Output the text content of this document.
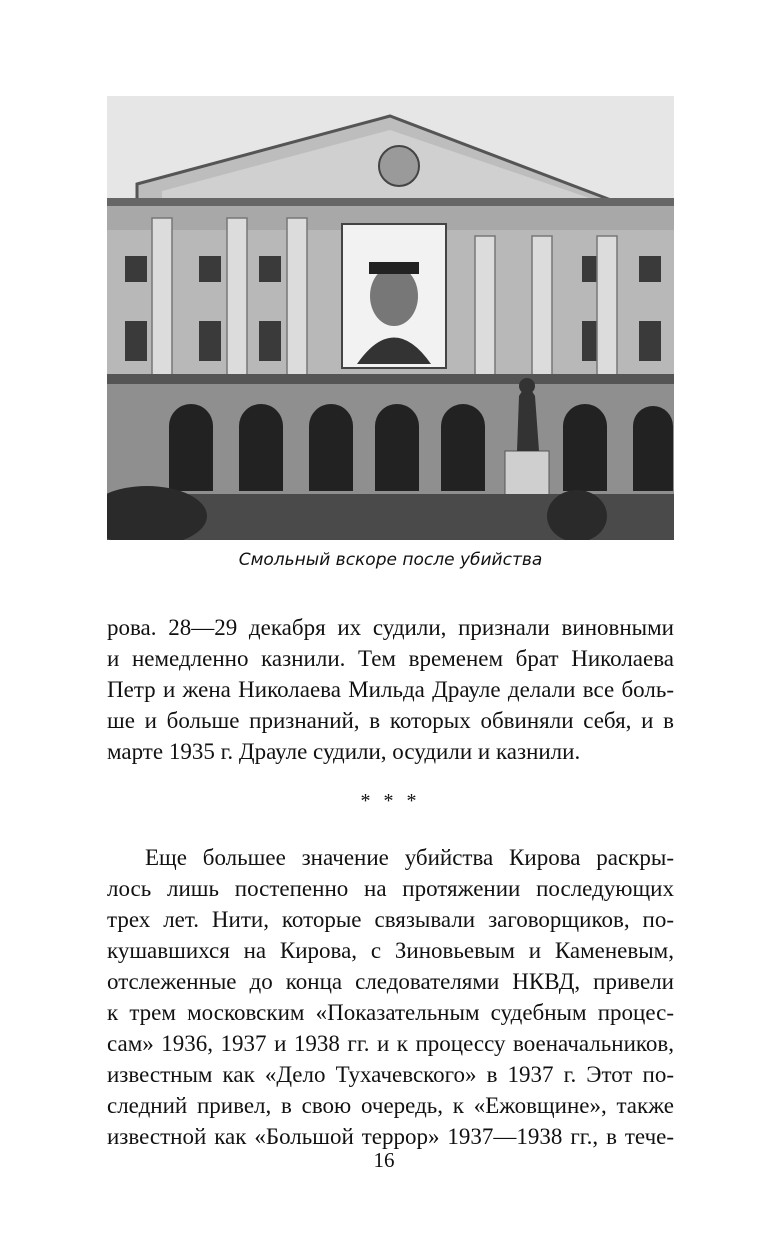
Смольный вскоре после убийства
рова. 28—29 декабря их судили, признали виновными
и немедленно казнили. Тем временем брат Николаева
Петр и жена Николаева Мильда Драуле делали все боль-
ше и больше признаний, в которых обвиняли себя, и в
марте 1935 г. Драуле судили, осудили и казнили.
* * *
Еще большее значение убийства Кирова раскры-
лось лишь постепенно на протяжении последующих
трех лет. Нити, которые связывали заговорщиков, по-
кушавшихся на Кирова, с Зиновьевым и Каменевым,
отслеженные до конца следователями НКВД, привели
к трем московским «Показательным судебным процес-
сам» 1936, 1937 и 1938 гг. и к процессу военачальников,
известным как «Дело Тухачевского» в 1937 г. Этот по-
следний привел, в свою очередь, к «Ежовщине», также
известной как «Большой террор» 1937—1938 гг., в тече-
16
